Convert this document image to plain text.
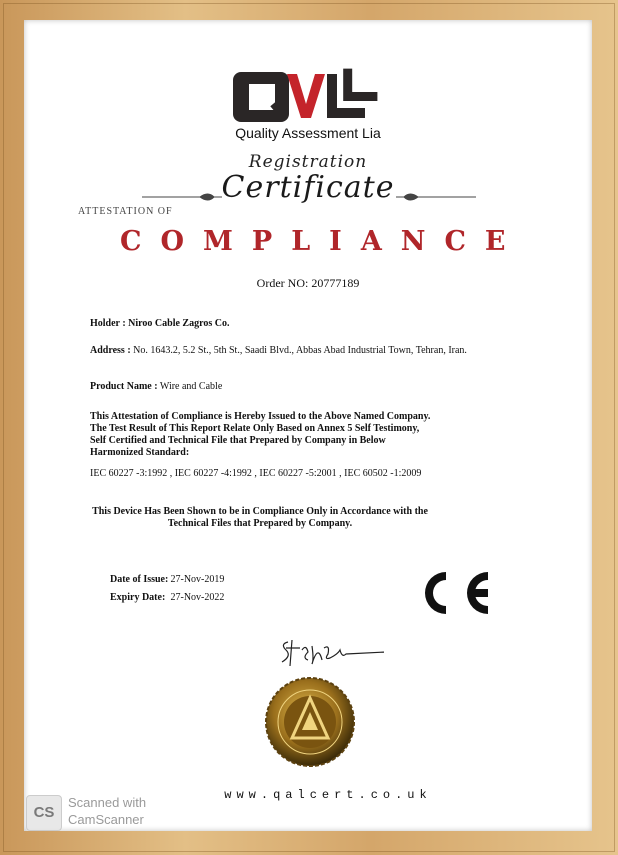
Quality Assessment Lia
Registration
Certificate
ATTESTATION OF
COMPLIANCE
Order NO: 20777189
Holder : Niroo Cable Zagros Co.
Address : No. 1643.2, 5.2 St., 5th St., Saadi Blvd., Abbas Abad Industrial Town, Tehran, Iran.
Product Name : Wire and Cable
This Attestation of Compliance is Hereby Issued to the Above Named Company.
The Test Result of This Report Relate Only Based on Annex 5 Self Testimony,
Self Certified and Technical File that Prepared by Company in Below
Harmonized Standard:
IEC 60227 -3:1992 , IEC 60227 -4:1992 , IEC 60227 -5:2001 , IEC 60502 -1:2009
This Device Has Been Shown to be in Compliance Only in Accordance with the
Technical Files that Prepared by Company.
Date of Issue: 27-Nov-2019
Expiry Date: 27-Nov-2022
www.qalcert.co.uk
CS
Scanned with
CamScanner
